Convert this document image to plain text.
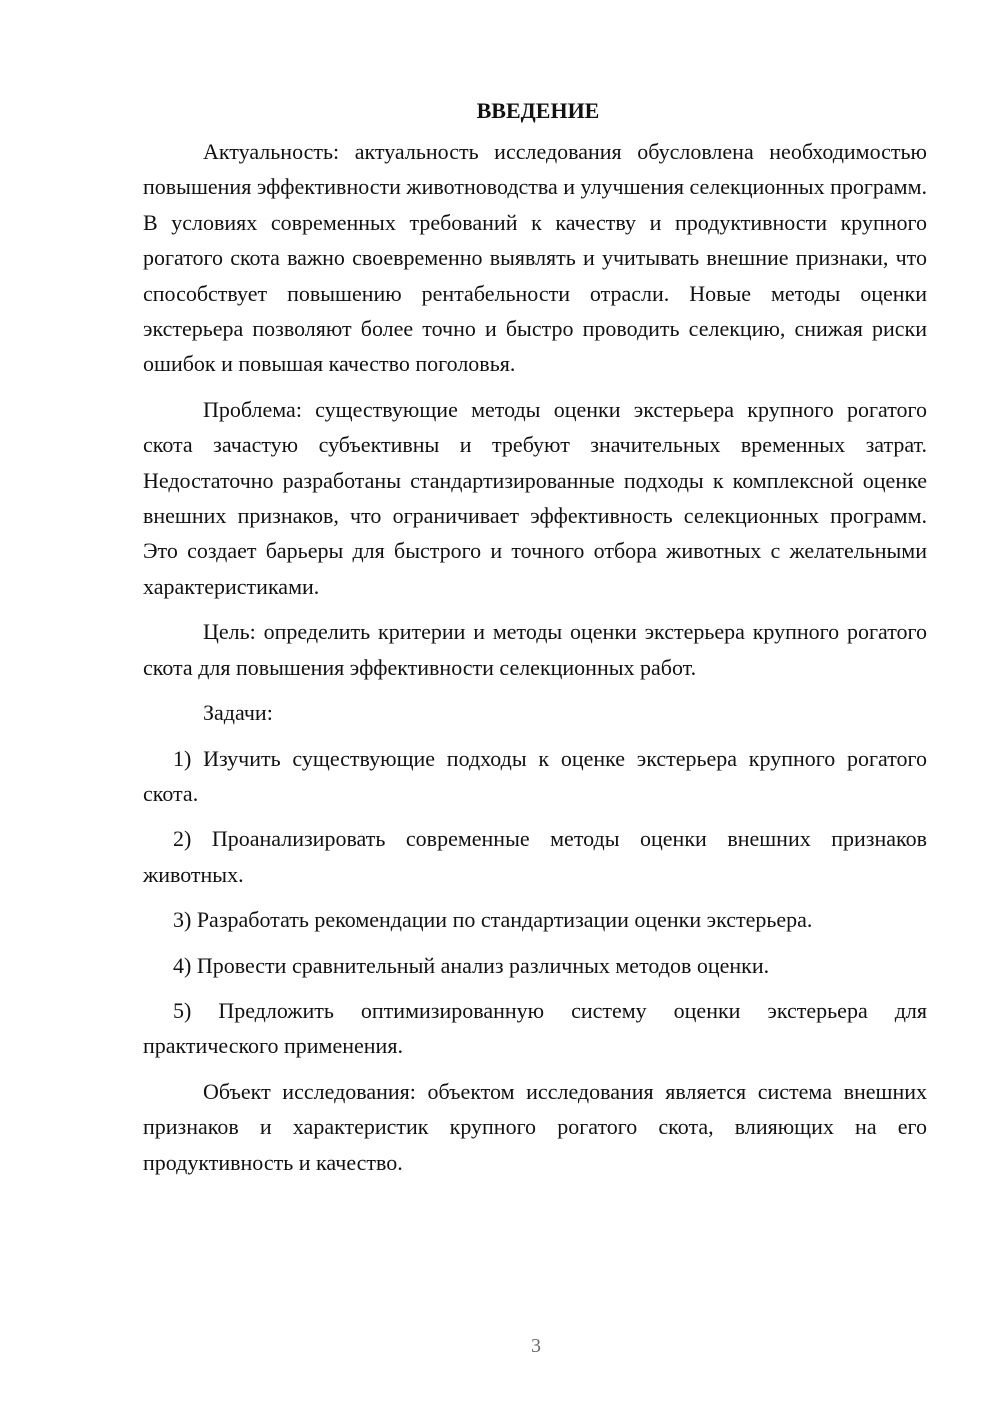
ВВЕДЕНИЕ

Актуальность: актуальность исследования обусловлена необходимостью повышения эффективности животноводства и улучшения селекционных программ. В условиях современных требований к качеству и продуктивности крупного рогатого скота важно своевременно выявлять и учитывать внешние признаки, что способствует повышению рентабельности отрасли. Новые методы оценки экстерьера позволяют более точно и быстро проводить селекцию, снижая риски ошибок и повышая качество поголовья.

Проблема: существующие методы оценки экстерьера крупного рогатого скота зачастую субъективны и требуют значительных временных затрат. Недостаточно разработаны стандартизированные подходы к комплексной оценке внешних признаков, что ограничивает эффективность селекционных программ. Это создает барьеры для быстрого и точного отбора животных с желательными характеристиками.

Цель: определить критерии и методы оценки экстерьера крупного рогатого скота для повышения эффективности селекционных работ.

Задачи:

1) Изучить существующие подходы к оценке экстерьера крупного рогатого скота.

2) Проанализировать современные методы оценки внешних признаков животных.

3) Разработать рекомендации по стандартизации оценки экстерьера.

4) Провести сравнительный анализ различных методов оценки.

5) Предложить оптимизированную систему оценки экстерьера для практического применения.

Объект исследования: объектом исследования является система внешних признаков и характеристик крупного рогатого скота, влияющих на его продуктивность и качество.

3
